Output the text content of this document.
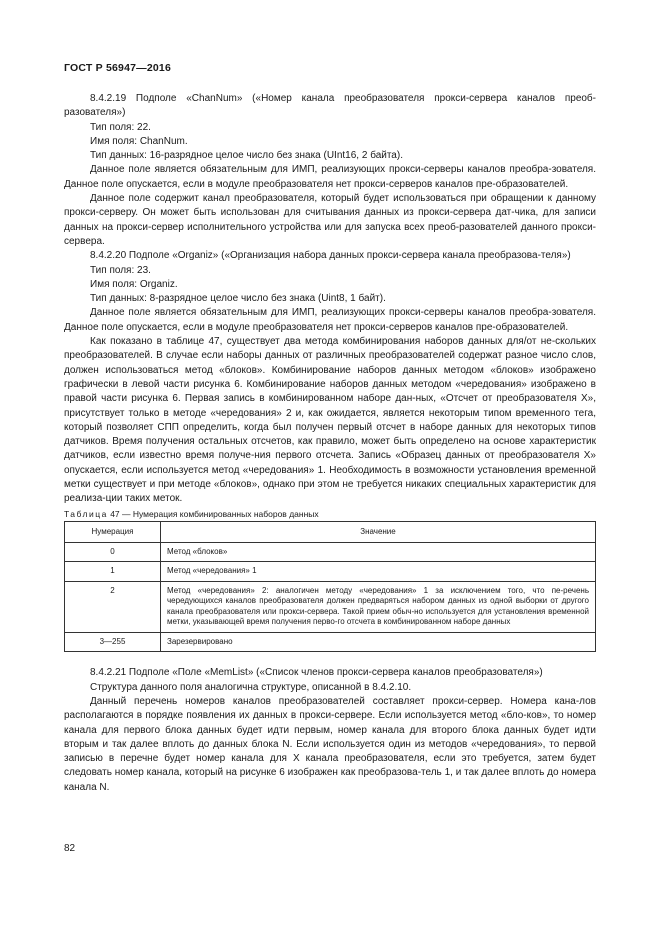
ГОСТ Р 56947—2016

8.4.2.19 Подполе «ChanNum» («Номер канала преобразователя прокси-сервера каналов преоб-разователя»)

Тип поля: 22.

Имя поля: ChanNum.

Тип данных: 16-разрядное целое число без знака (UInt16, 2 байта).

Данное поле является обязательным для ИМП, реализующих прокси-серверы каналов преобра-зователя. Данное поле опускается, если в модуле преобразователя нет прокси-серверов каналов пре-образователей.

Данное поле содержит канал преобразователя, который будет использоваться при обращении к данному прокси-серверу. Он может быть использован для считывания данных из прокси-сервера дат-чика, для записи данных на прокси-сервер исполнительного устройства или для запуска всех преоб-разователей данного прокси-сервера.

8.4.2.20 Подполе «Organiz» («Организация набора данных прокси-сервера канала преобразова-теля»)

Тип поля: 23.

Имя поля: Organiz.

Тип данных: 8-разрядное целое число без знака (Uint8, 1 байт).

Данное поле является обязательным для ИМП, реализующих прокси-серверы каналов преобра-зователя. Данное поле опускается, если в модуле преобразователя нет прокси-серверов каналов пре-образователей.

Как показано в таблице 47, существует два метода комбинирования наборов данных для/от не-скольких преобразователей. В случае если наборы данных от различных преобразователей содержат разное число слов, должен использоваться метод «блоков». Комбинирование наборов данных методом «блоков» изображено графически в левой части рисунка 6. Комбинирование наборов данных методом «чередования» изображено в правой части рисунка 6. Первая запись в комбинированном наборе дан-ных, «Отсчет от преобразователя X», присутствует только в методе «чередования» 2 и, как ожидается, является некоторым типом временного тега, который позволяет СПП определить, когда был получен первый отсчет в наборе данных для некоторых типов датчиков. Время получения остальных отсчетов, как правило, может быть определено на основе характеристик датчиков, если известно время получе-ния первого отсчета. Запись «Образец данных от преобразователя X» опускается, если используется метод «чередования» 1. Необходимость в возможности установления временной метки существует и при методе «блоков», однако при этом не требуется никаких специальных характеристик для реализа-ции таких меток.

Таблица 47 — Нумерация комбинированных наборов данных

Нумерация	Значение
0	Метод «блоков»
1	Метод «чередования» 1
2	Метод «чередования» 2: аналогичен методу «чередования» 1 за исключением того, что пе-речень чередующихся каналов преобразователя должен предваряться набором данных из одной выборки от другого канала преобразователя или прокси-сервера. Такой прием обыч-но используется для установления временной метки, указывающей время получения перво-го отсчета в комбинированном наборе данных
3—255	Зарезервировано

8.4.2.21 Подполе «Поле «MemList» («Список членов прокси-сервера каналов преобразователя»)

Структура данного поля аналогична структуре, описанной в 8.4.2.10.

Данный перечень номеров каналов преобразователей составляет прокси-сервер. Номера кана-лов располагаются в порядке появления их данных в прокси-сервере. Если используется метод «бло-ков», то номер канала для первого блока данных будет идти первым, номер канала для второго блока данных будет идти вторым и так далее вплоть до данных блока N. Если используется один из методов «чередования», то первой записью в перечне будет номер канала для X канала преобразователя, если это требуется, затем будет следовать номер канала, который на рисунке 6 изображен как преобразова-тель 1, и так далее вплоть до номера канала N.

82
